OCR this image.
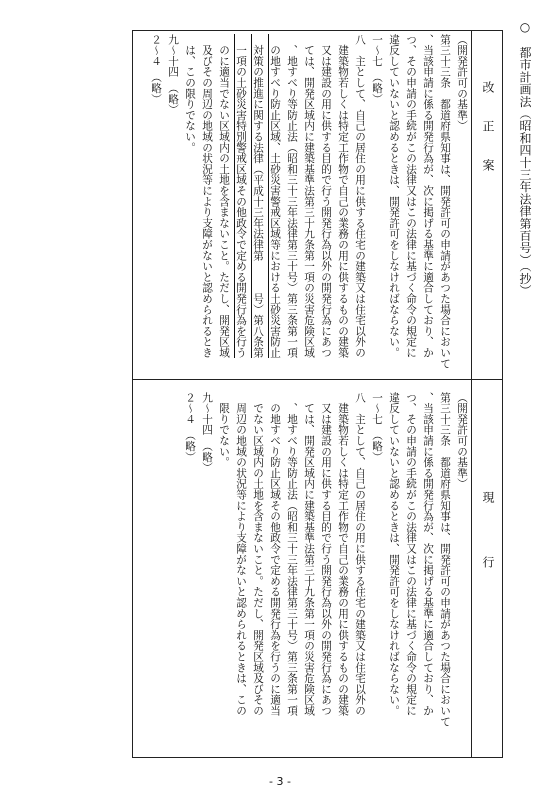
○　都市計画法（昭和四十三年法律第百号）（抄）
改　　正　　案
現　　　　行
（開発許可の基準）
第三十三条　都道府県知事は、開発許可の申請があつた場合において
、当該申請に係る開発行為が、次に掲げる基準に適合しており、か
つ、その申請の手続がこの法律又はこの法律に基づく命令の規定に
違反していないと認めるときは、開発許可をしなければならない。
一～七　（略）
八　主として、自己の居住の用に供する住宅の建築又は住宅以外の
　建築物若しくは特定工作物で自己の業務の用に供するものの建築
　又は建設の用に供する目的で行う開発行為以外の開発行為にあつ
　ては、開発区域内に建築基準法第三十九条第一項の災害危険区域
　、地すべり等防止法（昭和三十三年法律第三十号）第三条第一項
　の地すべり防止区域、土砂災害警戒区域等における土砂災害防止
　対策の推進に関する法律（平成十三年法律第　　　号）第八条第
　一項の土砂災害特別警戒区域その他政令で定める開発行為を行う
　のに適当でない区域内の土地を含まないこと。ただし、開発区域
　及びその周辺の地域の状況等により支障がないと認められるとき
　は、この限りでない。
九～十四　（略）
２～４　（略）
（開発許可の基準）
第三十三条　都道府県知事は、開発許可の申請があつた場合において
、当該申請に係る開発行為が、次に掲げる基準に適合しており、か
つ、その申請の手続がこの法律又はこの法律に基づく命令の規定に
違反していないと認めるときは、開発許可をしなければならない。
一～七　（略）
八　主として、自己の居住の用に供する住宅の建築又は住宅以外の
　建築物若しくは特定工作物で自己の業務の用に供するものの建築
　又は建設の用に供する目的で行う開発行為以外の開発行為にあつ
　ては、開発区域内に建築基準法第三十九条第一項の災害危険区域
　、地すべり等防止法（昭和三十三年法律第三十号）第三条第一項
　の地すべり防止区域その他政令で定める開発行為を行うのに適当
　でない区域内の土地を含まないこと。ただし、開発区域及びその
　周辺の地域の状況等により支障がないと認められるときは、この
　限りでない。
九～十四　（略）
２～４　（略）
- 3 -
